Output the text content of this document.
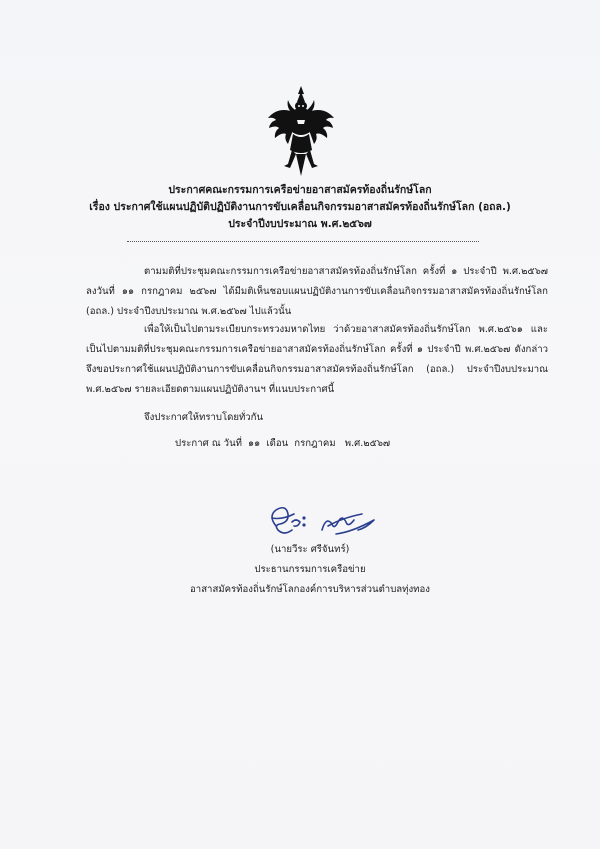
ประกาศคณะกรรมการเครือข่ายอาสาสมัครท้องถิ่นรักษ์โลก
เรื่อง ประกาศใช้แผนปฏิบัติปฏิบัติงานการขับเคลื่อนกิจกรรมอาสาสมัครท้องถิ่นรักษ์โลก (อถล.)
ประจำปีงบประมาณ พ.ศ.๒๕๖๗

ตามมติที่ประชุมคณะกรรมการเครือข่ายอาสาสมัครท้องถิ่นรักษ์โลก ครั้งที่ ๑ ประจำปี พ.ศ.๒๕๖๗ ลงวันที่ ๑๑ กรกฎาคม ๒๕๖๗ ได้มีมติเห็นชอบแผนปฏิบัติงานการขับเคลื่อนกิจกรรมอาสาสมัครท้องถิ่นรักษ์โลก (อถล.) ประจำปีงบประมาณ พ.ศ.๒๕๖๗ ไปแล้วนั้น

เพื่อให้เป็นไปตามระเบียบกระทรวงมหาดไทย ว่าด้วยอาสาสมัครท้องถิ่นรักษ์โลก พ.ศ.๒๕๖๑ และเป็นไปตามมติที่ประชุมคณะกรรมการเครือข่ายอาสาสมัครท้องถิ่นรักษ์โลก ครั้งที่ ๑ ประจำปี พ.ศ.๒๕๖๗ ดังกล่าว จึงขอประกาศใช้แผนปฏิบัติงานการขับเคลื่อนกิจกรรมอาสาสมัครท้องถิ่นรักษ์โลก (อถล.) ประจำปีงบประมาณ พ.ศ.๒๕๖๗ รายละเอียดตามแผนปฏิบัติงานฯ ที่แนบประกาศนี้

จึงประกาศให้ทราบโดยทั่วกัน
ประกาศ ณ วันที่  ๑๑  เดือน  กรกฎาคม   พ.ศ.๒๕๖๗
(นายวีระ ศรีจันทร์)
ประธานกรรมการเครือข่าย
อาสาสมัครท้องถิ่นรักษ์โลกองค์การบริหารส่วนตำบลทุ่งทอง
